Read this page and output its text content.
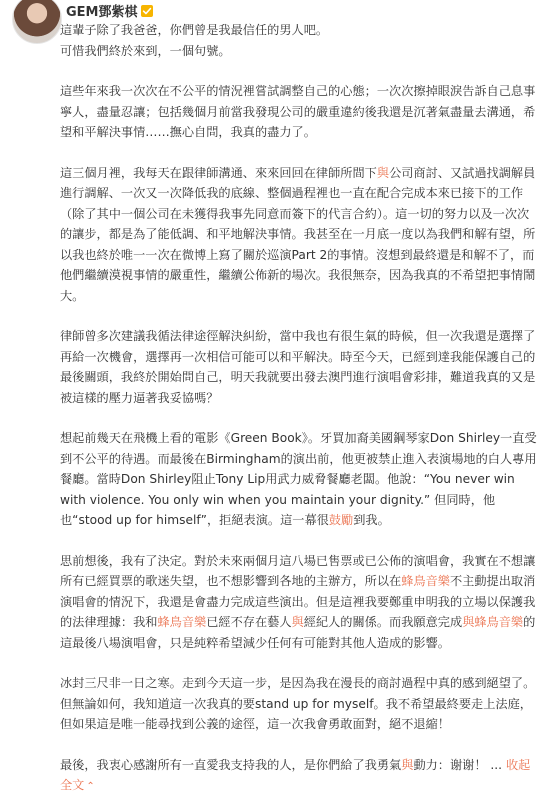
GEM鄧紫棋

這輩子除了我爸爸，你們曾是我最信任的男人吧。

可惜我們終於來到，一個句號。

這些年來我一次次在不公平的情況裡嘗試調整自己的心態；一次次擦掉眼淚告訴自己息事寧人，盡量忍讓；包括幾個月前當我發現公司的嚴重違約後我還是沉著氣盡量去溝通，希望和平解決事情……撫心自問，我真的盡力了。

這三個月裡，我每天在跟律師溝通、來來回回在律師所間下與公司商討、又試過找調解員進行調解、一次又一次降低我的底線、整個過程裡也一直在配合完成本來已接下的工作（除了其中一個公司在未獲得我事先同意而簽下的代言合約）。這一切的努力以及一次次的讓步，都是為了能低調、和平地解決事情。我甚至在一月底一度以為我們和解有望，所以我也終於唯一一次在微博上寫了關於巡演Part 2的事情。沒想到最終還是和解不了，而他們繼續漠視事情的嚴重性，繼續公佈新的場次。我很無奈，因為我真的不希望把事情鬧大。

律師曾多次建議我循法律途徑解決糾紛，當中我也有很生氣的時候，但一次我還是選擇了再給一次機會，選擇再一次相信可能可以和平解決。時至今天，已經到達我能保護自己的最後關頭，我終於開始問自己，明天我就要出發去澳門進行演唱會彩排，難道我真的又是被這樣的壓力逼著我妥協嗎？

想起前幾天在飛機上看的電影《Green Book》。牙買加裔美國鋼琴家Don Shirley一直受到不公平的待遇。而最後在Birmingham的演出前，他更被禁止進入表演場地的白人專用餐廳。當時Don Shirley阻止Tony Lip用武力威脅餐廳老闆。他說：“You never win with violence. You only win when you maintain your dignity.” 但同時，他也“stood up for himself”，拒絕表演。這一幕很鼓勵到我。

思前想後，我有了決定。對於未來兩個月這八場已售票或已公佈的演唱會，我實在不想讓所有已經買票的歌迷失望，也不想影響到各地的主辦方，所以在蜂鳥音樂不主動提出取消演唱會的情況下，我還是會盡力完成這些演出。但是這裡我要鄭重申明我的立場以保護我的法律理據：我和蜂鳥音樂已經不存在藝人與經紀人的關係。而我願意完成與蜂鳥音樂的這最後八場演唱會，只是純粹希望減少任何有可能對其他人造成的影響。

冰封三尺非一日之寒。走到今天這一步，是因為我在漫長的商討過程中真的感到絕望了。但無論如何，我知道這一次我真的要stand up for myself。我不希望最終要走上法庭，但如果這是唯一能尋找到公義的途徑，這一次我會勇敢面對，絕不退縮！

最後，我衷心感謝所有一直愛我支持我的人，是你們給了我勇氣與動力：谢谢！ ... 收起全文 ⌃
